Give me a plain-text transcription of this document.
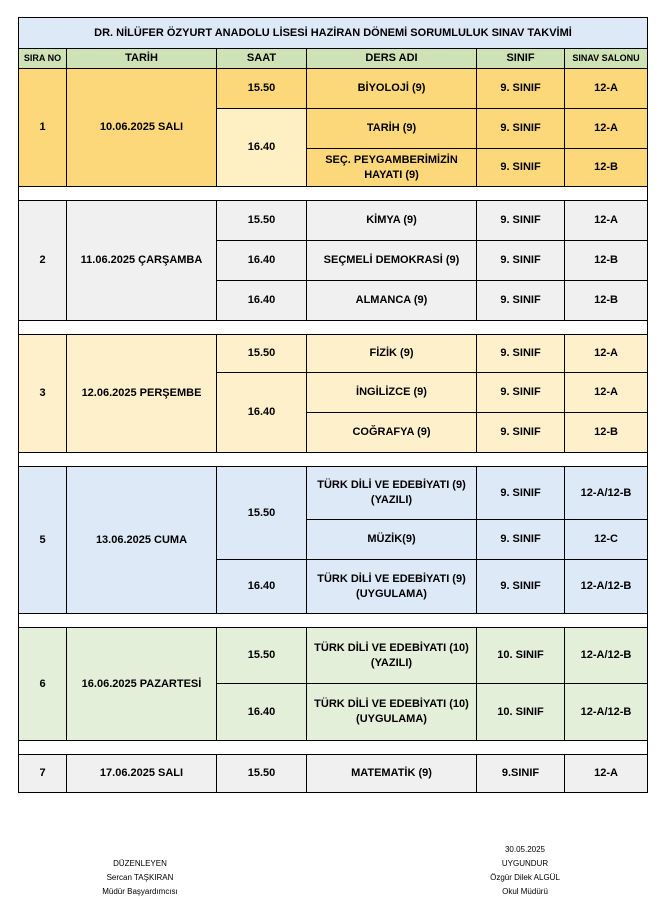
DR. NİLÜFER ÖZYURT ANADOLU LİSESİ HAZİRAN DÖNEMİ SORUMLULUK SINAV TAKVİMİ					
SIRA NO	TARİH	SAAT	DERS ADI	SINIF	SINAV SALONU
1	10.06.2025 SALI	15.50	BİYOLOJİ (9)	9. SINIF	12-A
		16.40	TARİH (9)	9. SINIF	12-A
			SEÇ. PEYGAMBERİMİZİN HAYATI (9)	9. SINIF	12-B

2	11.06.2025 ÇARŞAMBA	15.50	KİMYA (9)	9. SINIF	12-A
		16.40	SEÇMELİ DEMOKRASİ (9)	9. SINIF	12-B
		16.40	ALMANCA (9)	9. SINIF	12-B

3	12.06.2025 PERŞEMBE	15.50	FİZİK (9)	9. SINIF	12-A
		16.40	İNGİLİZCE (9)	9. SINIF	12-A
			COĞRAFYA (9)	9. SINIF	12-B

5	13.06.2025 CUMA	15.50	TÜRK DİLİ VE EDEBİYATI (9) (YAZILI)	9. SINIF	12-A/12-B
			MÜZİK(9)	9. SINIF	12-C
		16.40	TÜRK DİLİ VE EDEBİYATI (9) (UYGULAMA)	9. SINIF	12-A/12-B

6	16.06.2025 PAZARTESİ	15.50	TÜRK DİLİ VE EDEBİYATI (10) (YAZILI)	10. SINIF	12-A/12-B
		16.40	TÜRK DİLİ VE EDEBİYATI (10) (UYGULAMA)	10. SINIF	12-A/12-B

7	17.06.2025 SALI	15.50	MATEMATİK (9)	9.SINIF	12-A
DÜZENLEYEN
Sercan TAŞKIRAN
Müdür Başyardımcısı
30.05.2025
UYGUNDUR
Özgür Dilek ALGÜL
Okul Müdürü
